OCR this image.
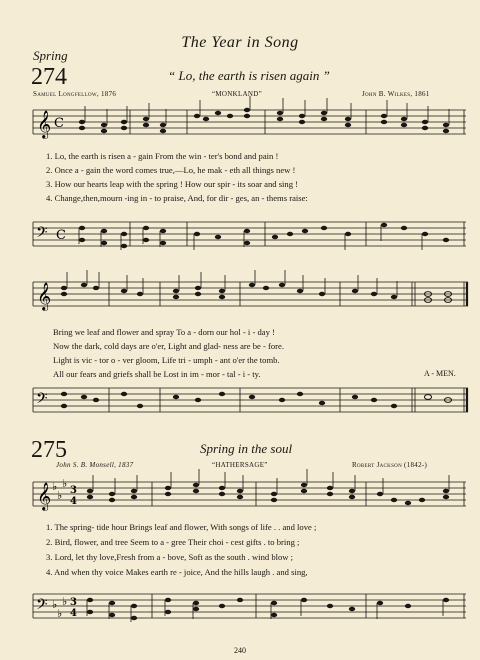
The Year in Song
Spring
274	“ Lo, the earth is risen again ”
Samuel Longfellow, 1876	“MONKLAND”	John B. Wilkes, 1861
𝄞 C
1. Lo, the earth is risen a - gain From the win - ter's bond and pain !
2. Once a - gain the word comes true,—Lo, he mak - eth all things new !
3. How our hearts leap with the spring ! How our spir - its soar and sing !
4. Change,then,mourn -ing in - to praise, And, for dir - ges, an - thems raise:
𝄢 C
𝄞
Bring we leaf and flower and spray To a - dorn our hol - i - day !
Now the dark, cold days are o'er, Light and glad- ness are be - fore.
Light is vic - tor o - ver gloom, Life tri - umph - ant o'er the tomb.
All our fears and griefs shall be Lost in im - mor - tal - i - ty.	A - MEN.
𝄢
275	Spring in the soul
John S. B. Monsell, 1837	“HATHERSAGE”	Robert Jackson (1842-)
𝄞 ♭
♭
♭
3
4
1. The spring- tide hour Brings leaf and flower, With songs of life . . and love ;
2. Bird, flower, and tree Seem to a - gree Their choi - cest gifts . to bring ;
3. Lord, let thy love,Fresh from a - bove, Soft as the south . wind blow ;
4. And when thy voice Makes earth re - joice, And the hills laugh . and sing,
𝄢 ♭
♭
♭ 3
4
240
